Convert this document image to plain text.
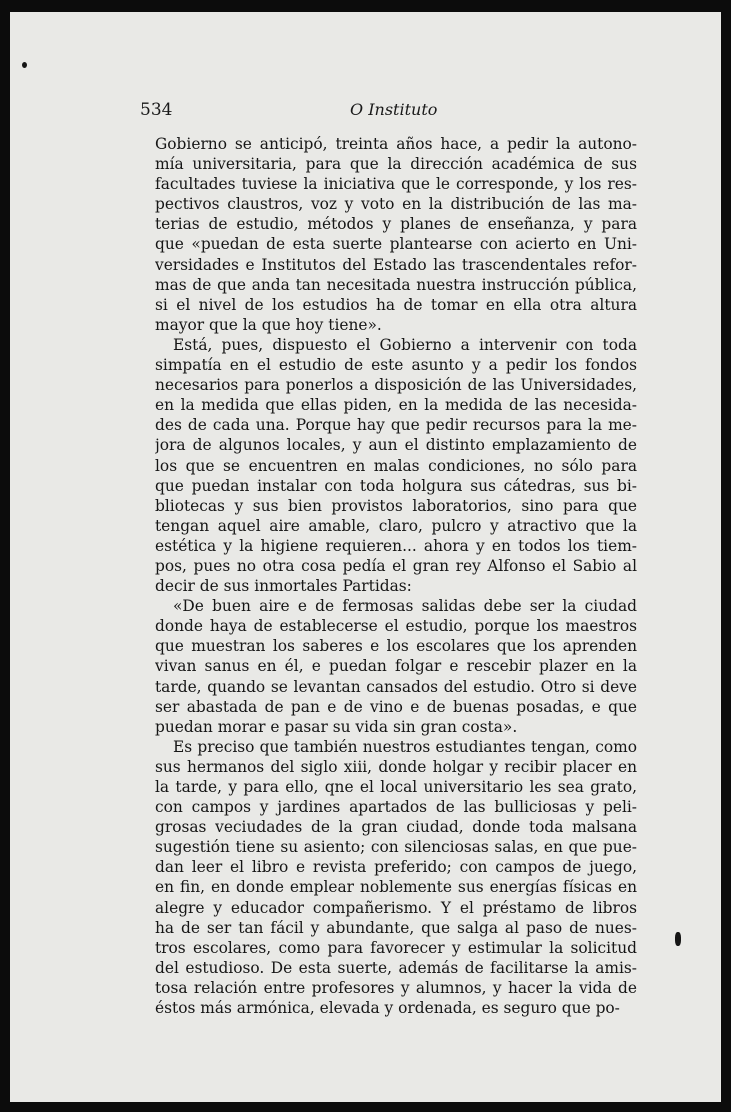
534	O Instituto
Gobierno se anticipó, treinta años hace, a pedir la autono-
mía universitaria, para que la dirección académica de sus
facultades tuviese la iniciativa que le corresponde, y los res-
pectivos claustros, voz y voto en la distribución de las ma-
terias de estudio, métodos y planes de enseñanza, y para
que «puedan de esta suerte plantearse con acierto en Uni-
versidades e Institutos del Estado las trascendentales refor-
mas de que anda tan necesitada nuestra instrucción pública,
si el nivel de los estudios ha de tomar en ella otra altura
mayor que la que hoy tiene».
Está, pues, dispuesto el Gobierno a intervenir con toda
simpatía en el estudio de este asunto y a pedir los fondos
necesarios para ponerlos a disposición de las Universidades,
en la medida que ellas piden, en la medida de las necesida-
des de cada una. Porque hay que pedir recursos para la me-
jora de algunos locales, y aun el distinto emplazamiento de
los que se encuentren en malas condiciones, no sólo para
que puedan instalar con toda holgura sus cátedras, sus bi-
bliotecas y sus bien provistos laboratorios, sino para que
tengan aquel aire amable, claro, pulcro y atractivo que la
estética y la higiene requieren... ahora y en todos los tiem-
pos, pues no otra cosa pedía el gran rey Alfonso el Sabio al
decir de sus inmortales Partidas:
«De buen aire e de fermosas salidas debe ser la ciudad
donde haya de establecerse el estudio, porque los maestros
que muestran los saberes e los escolares que los aprenden
vivan sanus en él, e puedan folgar e rescebir plazer en la
tarde, quando se levantan cansados del estudio. Otro si deve
ser abastada de pan e de vino e de buenas posadas, e que
puedan morar e pasar su vida sin gran costa».
Es preciso que también nuestros estudiantes tengan, como
sus hermanos del siglo xiii, donde holgar y recibir placer en
la tarde, y para ello, qne el local universitario les sea grato,
con campos y jardines apartados de las bulliciosas y peli-
grosas veciudades de la gran ciudad, donde toda malsana
sugestión tiene su asiento; con silenciosas salas, en que pue-
dan leer el libro e revista preferido; con campos de juego,
en fin, en donde emplear noblemente sus energías físicas en
alegre y educador compañerismo. Y el préstamo de libros
ha de ser tan fácil y abundante, que salga al paso de nues-
tros escolares, como para favorecer y estimular la solicitud
del estudioso. De esta suerte, además de facilitarse la amis-
tosa relación entre profesores y alumnos, y hacer la vida de
éstos más armónica, elevada y ordenada, es seguro que po-
